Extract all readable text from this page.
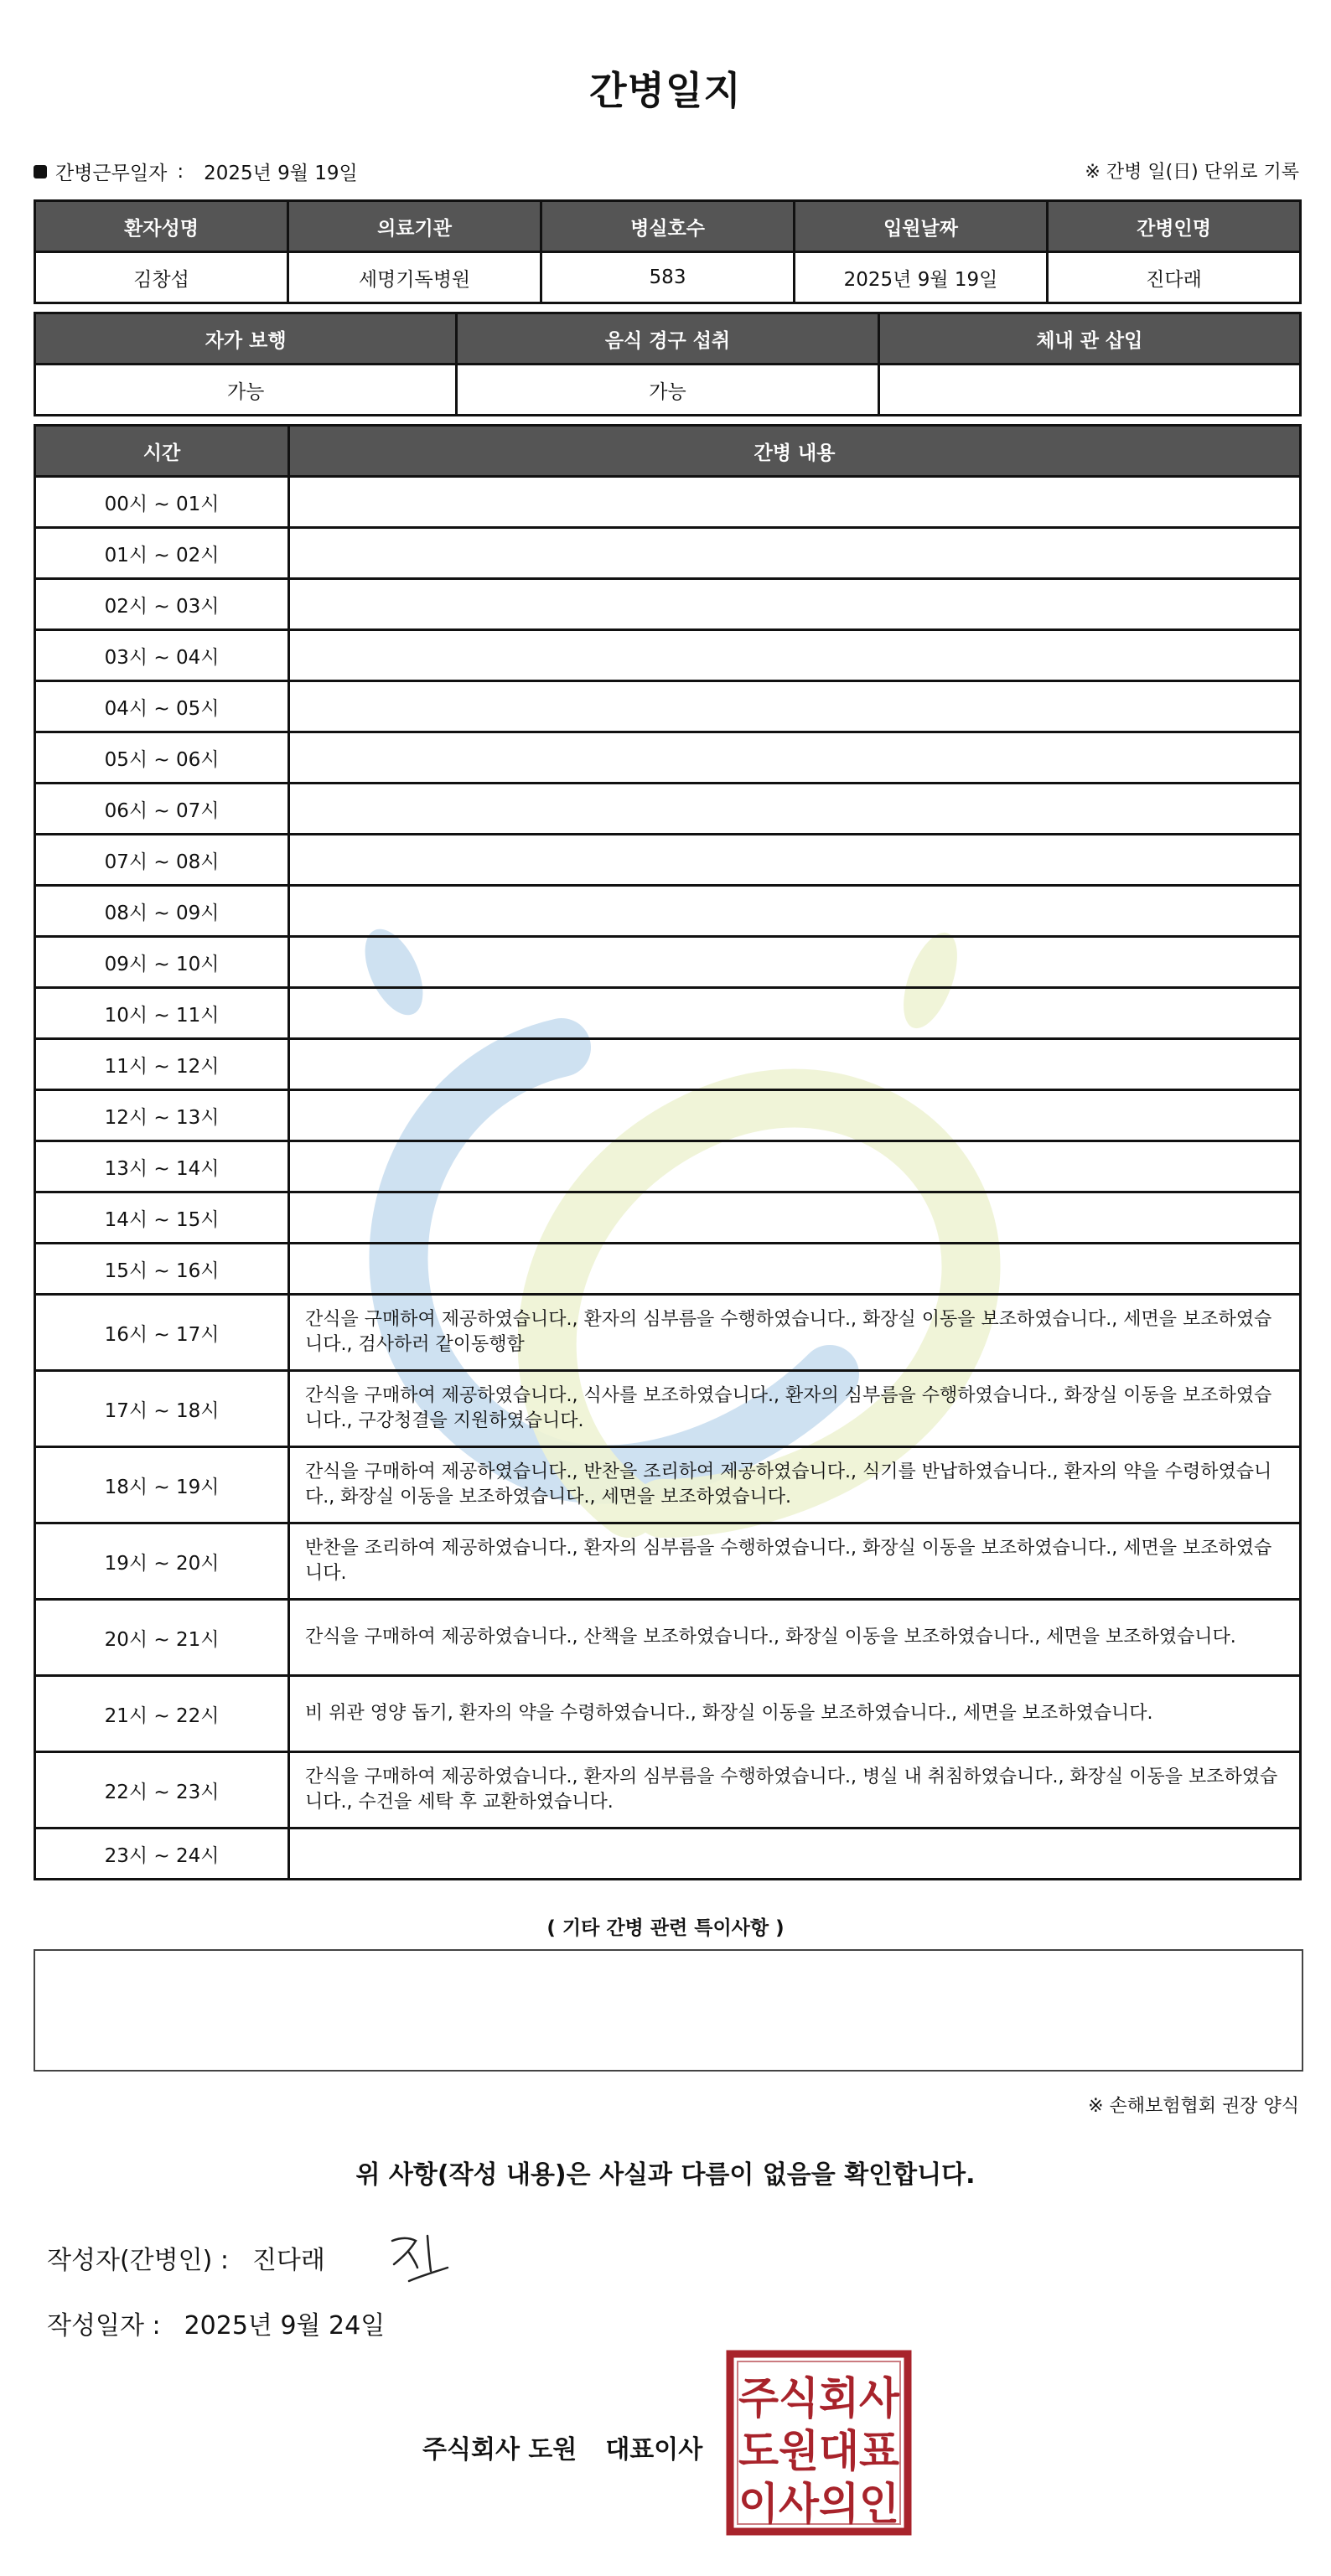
간병일지
간병근무일자 : 2025년 9월 19일	※ 간병 일(日) 단위로 기록
환자성명	의료기관	병실호수	입원날짜	간병인명
김창섭	세명기독병원	583	2025년 9월 19일	진다래
자가 보행	음식 경구 섭취	체내 관 삽입
가능	가능	
시간	간병 내용
00시 ~ 01시	
01시 ~ 02시	
02시 ~ 03시	
03시 ~ 04시	
04시 ~ 05시	
05시 ~ 06시	
06시 ~ 07시	
07시 ~ 08시	
08시 ~ 09시	
09시 ~ 10시	
10시 ~ 11시	
11시 ~ 12시	
12시 ~ 13시	
13시 ~ 14시	
14시 ~ 15시	
15시 ~ 16시	
16시 ~ 17시	간식을 구매하여 제공하였습니다., 환자의 심부름을 수행하였습니다., 화장실 이동을 보조하였습니다., 세면을 보조하였습니다., 검사하러 같이동행함
17시 ~ 18시	간식을 구매하여 제공하였습니다., 식사를 보조하였습니다., 환자의 심부름을 수행하였습니다., 화장실 이동을 보조하였습니다., 구강청결을 지원하였습니다.
18시 ~ 19시	간식을 구매하여 제공하였습니다., 반찬을 조리하여 제공하였습니다., 식기를 반납하였습니다., 환자의 약을 수령하였습니다., 화장실 이동을 보조하였습니다., 세면을 보조하였습니다.
19시 ~ 20시	반찬을 조리하여 제공하였습니다., 환자의 심부름을 수행하였습니다., 화장실 이동을 보조하였습니다., 세면을 보조하였습니다.
20시 ~ 21시	간식을 구매하여 제공하였습니다., 산책을 보조하였습니다., 화장실 이동을 보조하였습니다., 세면을 보조하였습니다.
21시 ~ 22시	비 위관 영양 돕기, 환자의 약을 수령하였습니다., 화장실 이동을 보조하였습니다., 세면을 보조하였습니다.
22시 ~ 23시	간식을 구매하여 제공하였습니다., 환자의 심부름을 수행하였습니다., 병실 내 취침하였습니다., 화장실 이동을 보조하였습니다., 수건을 세탁 후 교환하였습니다.
23시 ~ 24시	
( 기타 간병 관련 특이사항 )
※ 손해보험협회 권장 양식
위 사항(작성 내용)은 사실과 다름이 없음을 확인합니다.
작성자(간병인) : 진다래
작성일자 : 2025년 9월 24일
주식회사 도원 대표이사
주식회사
도원대표
이사의인
